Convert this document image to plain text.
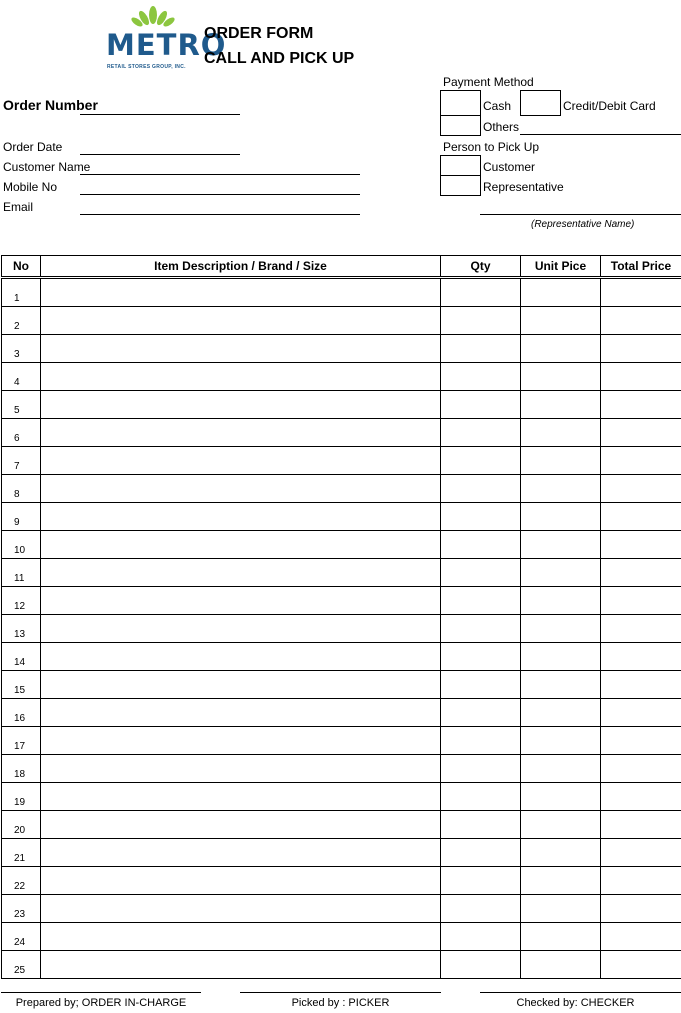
METRO
RETAIL STORES GROUP, INC.
ORDER FORM
CALL AND PICK UP
Order Number
Order Date
Customer Name
Mobile No
Email
Payment Method
Cash	Credit/Debit Card
Others
Person to Pick Up
Customer
Representative
(Representative Name)
No	Item Description / Brand / Size	Qty	Unit Pice	Total Price
1				
2				
3				
4				
5				
6				
7				
8				
9				
10				
11				
12				
13				
14				
15				
16				
17				
18				
19				
20				
21				
22				
23				
24				
25				
Prepared by; ORDER IN-CHARGE	Picked by : PICKER	Checked by: CHECKER
